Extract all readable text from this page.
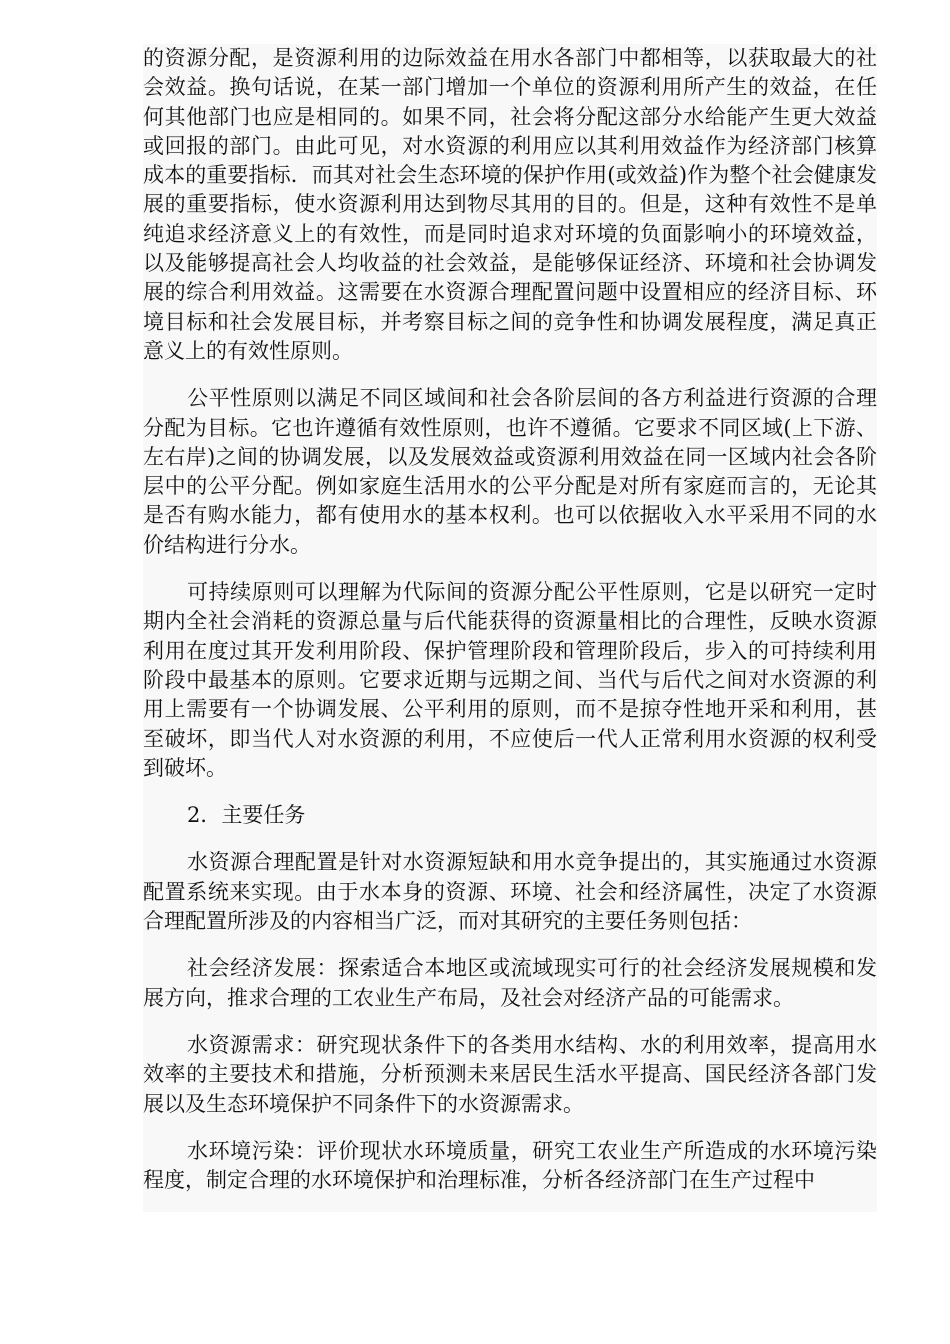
的资源分配，是资源利用的边际效益在用水各部门中都相等，以获取最大的社会效益。换句话说，在某一部门增加一个单位的资源利用所产生的效益，在任何其他部门也应是相同的。如果不同，社会将分配这部分水给能产生更大效益或回报的部门。由此可见，对水资源的利用应以其利用效益作为经济部门核算成本的重要指标．而其对社会生态环境的保护作用(或效益)作为整个社会健康发展的重要指标，使水资源利用达到物尽其用的目的。但是，这种有效性不是单纯追求经济意义上的有效性，而是同时追求对环境的负面影响小的环境效益，以及能够提高社会人均收益的社会效益，是能够保证经济、环境和社会协调发展的综合利用效益。这需要在水资源合理配置问题中设置相应的经济目标、环境目标和社会发展目标，并考察目标之间的竞争性和协调发展程度，满足真正意义上的有效性原则。

公平性原则以满足不同区域间和社会各阶层间的各方利益进行资源的合理分配为目标。它也许遵循有效性原则，也许不遵循。它要求不同区域(上下游、左右岸)之间的协调发展，以及发展效益或资源利用效益在同一区域内社会各阶层中的公平分配。例如家庭生活用水的公平分配是对所有家庭而言的，无论其是否有购水能力，都有使用水的基本权利。也可以依据收入水平采用不同的水价结构进行分水。

可持续原则可以理解为代际间的资源分配公平性原则，它是以研究一定时期内全社会消耗的资源总量与后代能获得的资源量相比的合理性，反映水资源利用在度过其开发利用阶段、保护管理阶段和管理阶段后，步入的可持续利用阶段中最基本的原则。它要求近期与远期之间、当代与后代之间对水资源的利用上需要有一个协调发展、公平利用的原则，而不是掠夺性地开采和利用，甚至破坏，即当代人对水资源的利用，不应使后一代人正常利用水资源的权利受到破坏。

2．主要任务

水资源合理配置是针对水资源短缺和用水竞争提出的，其实施通过水资源配置系统来实现。由于水本身的资源、环境、社会和经济属性，决定了水资源合理配置所涉及的内容相当广泛，而对其研究的主要任务则包括：

社会经济发展：探索适合本地区或流域现实可行的社会经济发展规模和发展方向，推求合理的工农业生产布局，及社会对经济产品的可能需求。

水资源需求：研究现状条件下的各类用水结构、水的利用效率，提高用水效率的主要技术和措施，分析预测未来居民生活水平提高、国民经济各部门发展以及生态环境保护不同条件下的水资源需求。

水环境污染：评价现状水环境质量，研究工农业生产所造成的水环境污染程度，制定合理的水环境保护和治理标准，分析各经济部门在生产过程中
